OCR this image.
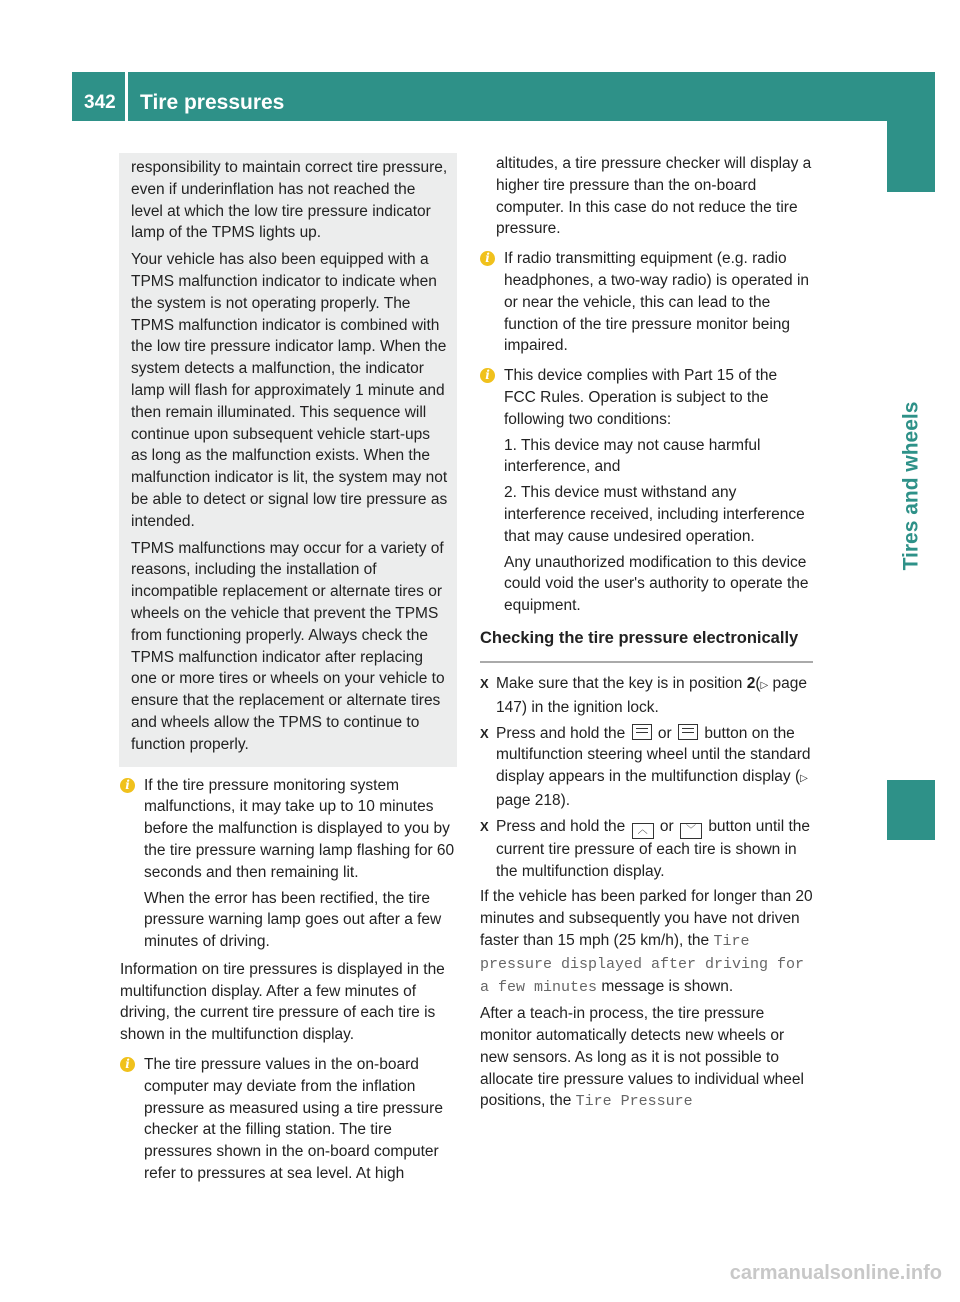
342 Tire pressures
Tires and wheels

responsibility to maintain correct tire pressure, even if underinflation has not reached the level at which the low tire pressure indicator lamp of the TPMS lights up.

Your vehicle has also been equipped with a TPMS malfunction indicator to indicate when the system is not operating properly. The TPMS malfunction indicator is combined with the low tire pressure indicator lamp. When the system detects a malfunction, the indicator lamp will flash for approximately 1 minute and then remain illuminated. This sequence will continue upon subsequent vehicle start-ups as long as the malfunction exists. When the malfunction indicator is lit, the system may not be able to detect or signal low tire pressure as intended.

TPMS malfunctions may occur for a variety of reasons, including the installation of incompatible replacement or alternate tires or wheels on the vehicle that prevent the TPMS from functioning properly. Always check the TPMS malfunction indicator after replacing one or more tires or wheels on your vehicle to ensure that the replacement or alternate tires and wheels allow the TPMS to continue to function properly.

i If the tire pressure monitoring system malfunctions, it may take up to 10 minutes before the malfunction is displayed to you by the tire pressure warning lamp flashing for 60 seconds and then remaining lit.

When the error has been rectified, the tire pressure warning lamp goes out after a few minutes of driving.

Information on tire pressures is displayed in the multifunction display. After a few minutes of driving, the current tire pressure of each tire is shown in the multifunction display.

i The tire pressure values in the on-board computer may deviate from the inflation pressure as measured using a tire pressure checker at the filling station. The tire pressures shown in the on-board computer refer to pressures at sea level. At high

altitudes, a tire pressure checker will display a higher tire pressure than the on-board computer. In this case do not reduce the tire pressure.

i If radio transmitting equipment (e.g. radio headphones, a two-way radio) is operated in or near the vehicle, this can lead to the function of the tire pressure monitor being impaired.

i This device complies with Part 15 of the FCC Rules. Operation is subject to the following two conditions:

1. This device may not cause harmful interference, and

2. This device must withstand any interference received, including interference that may cause undesired operation.

Any unauthorized modification to this device could void the user's authority to operate the equipment.

Checking the tire pressure electronically
X Make sure that the key is in position 2(▷ page 147) in the ignition lock.
X Press and hold the or button on the multifunction steering wheel until the standard display appears in the multifunction display (▷ page 218).
X Press and hold the ︿ or ﹀ button until the current tire pressure of each tire is shown in the multifunction display.

If the vehicle has been parked for longer than 20 minutes and subsequently you have not driven faster than 15 mph (25 km/h), the Tire pressure displayed after driving for a few minutes message is shown.

After a teach-in process, the tire pressure monitor automatically detects new wheels or new sensors. As long as it is not possible to allocate tire pressure values to individual wheel positions, the Tire Pressure

carmanualsonline.info
